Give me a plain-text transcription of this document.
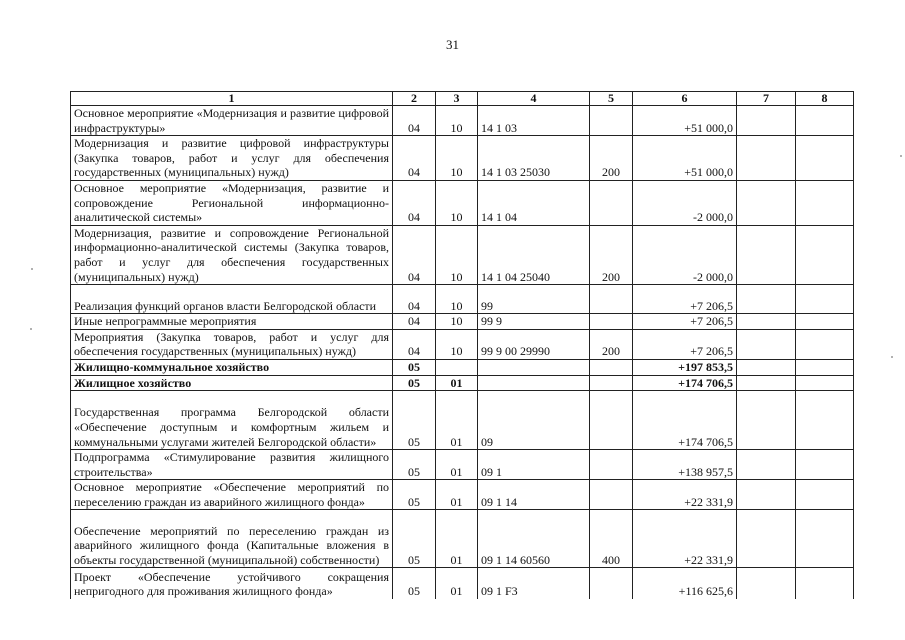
31
1	2	3	4	5	6	7	8
Основное мероприятие «Модернизация и развитие цифровой инфраструктуры»	04	10	14 1 03		+51 000,0		
Модернизация и развитие цифровой инфраструктуры (Закупка товаров, работ и услуг для обеспечения государственных (муниципальных) нужд)	04	10	14 1 03 25030	200	+51 000,0		
Основное мероприятие «Модернизация, развитие и сопровождение Региональной информационно-аналитической системы»	04	10	14 1 04		-2 000,0		
Модернизация, развитие и сопровождение Региональной информационно-аналитической системы (Закупка товаров, работ и услуг для обеспечения государственных (муниципальных) нужд)	04	10	14 1 04 25040	200	-2 000,0		
Реализация функций органов власти Белгородской области	04	10	99		+7 206,5		
Иные непрограммные мероприятия	04	10	99 9		+7 206,5		
Мероприятия (Закупка товаров, работ и услуг для обеспечения государственных (муниципальных) нужд)	04	10	99 9 00 29990	200	+7 206,5		
Жилищно-коммунальное хозяйство	05				+197 853,5		
Жилищное хозяйство	05	01			+174 706,5		
Государственная программа Белгородской области «Обеспечение доступным и комфортным жильем и коммунальными услугами жителей Белгородской области»	05	01	09		+174 706,5		
Подпрограмма «Стимулирование развития жилищного строительства»	05	01	09 1		+138 957,5		
Основное мероприятие «Обеспечение мероприятий по переселению граждан из аварийного жилищного фонда»	05	01	09 1 14		+22 331,9		
Обеспечение мероприятий по переселению граждан из аварийного жилищного фонда (Капитальные вложения в объекты государственной (муниципальной) собственности)	05	01	09 1 14 60560	400	+22 331,9		
Проект «Обеспечение устойчивого сокращения непригодного для проживания жилищного фонда»	05	01	09 1 F3		+116 625,6		
